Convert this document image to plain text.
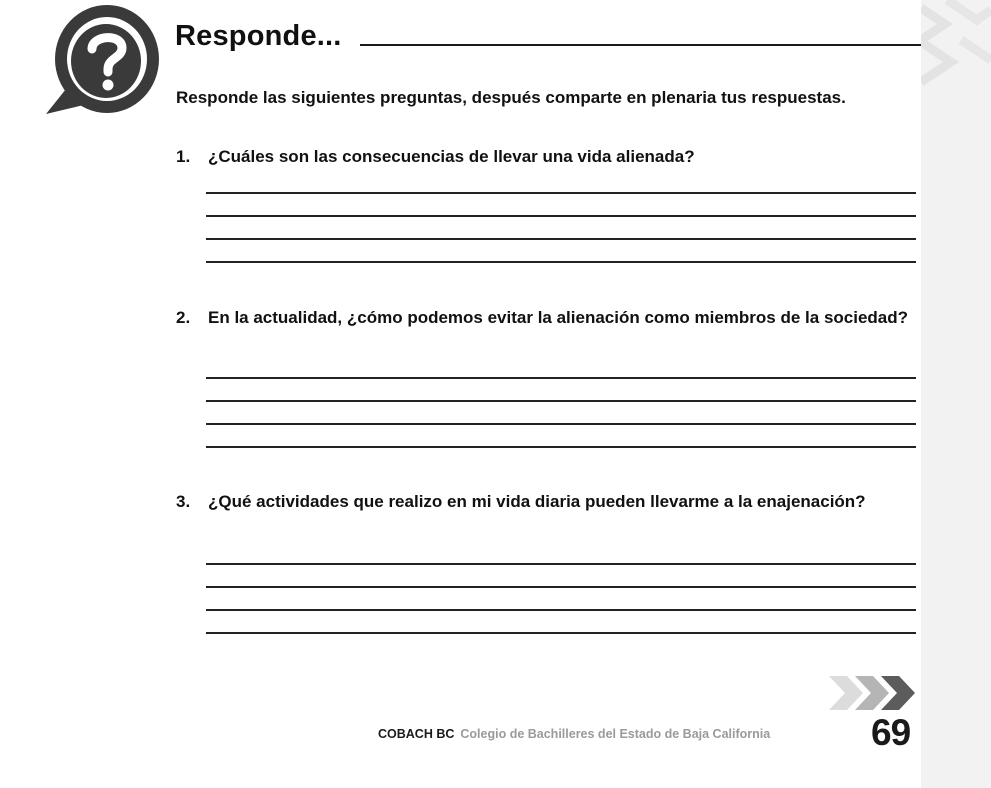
Responde...
Responde las siguientes preguntas, después comparte en plenaria tus respuestas.
1. ¿Cuáles son las consecuencias de llevar una vida alienada?
2. En la actualidad, ¿cómo podemos evitar la alienación como miembros de la sociedad?
3. ¿Qué actividades que realizo en mi vida diaria pueden llevarme a la enajenación?
COBACH BC Colegio de Bachilleres del Estado de Baja California	69
